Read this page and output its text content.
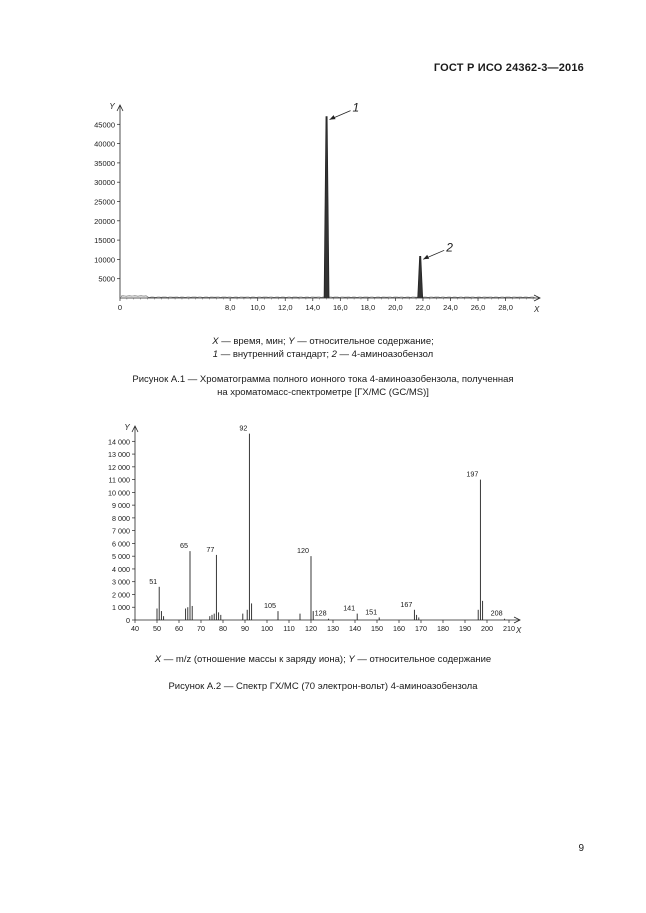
ГОСТ Р ИСО 24362-3—2016
Y
X
5000
10000
15000
20000
25000
30000
35000
40000
45000
0	8,0 10,0 12,0 14,0 16,0 18,0 20,0 22,0 24,0 26,0 28,0
1
2
X — время, мин; Y — относительное содержание;
1 — внутренний стандарт; 2 — 4-аминоазобензол
Рисунок А.1 — Хроматограмма полного ионного тока 4-аминоазобензола, полученная
на хроматомасс-спектрометре [ГХ/МС (GC/MS)]
Y
X
0
1 000
2 000
3 000
4 000
5 000
6 000
7 000
8 000
9 000
10 000
11 000
12 000
13 000
14 000
40 50 60 70 80 90 100 110 120 130 140 150 160 170 180 190 200 210
51
65	77
92
105
120
128
141 151
167
197
208
X — m/z (отношение массы к заряду иона); Y — относительное содержание
Рисунок А.2 — Спектр ГХ/МС (70 электрон-вольт) 4-аминоазобензола
9
